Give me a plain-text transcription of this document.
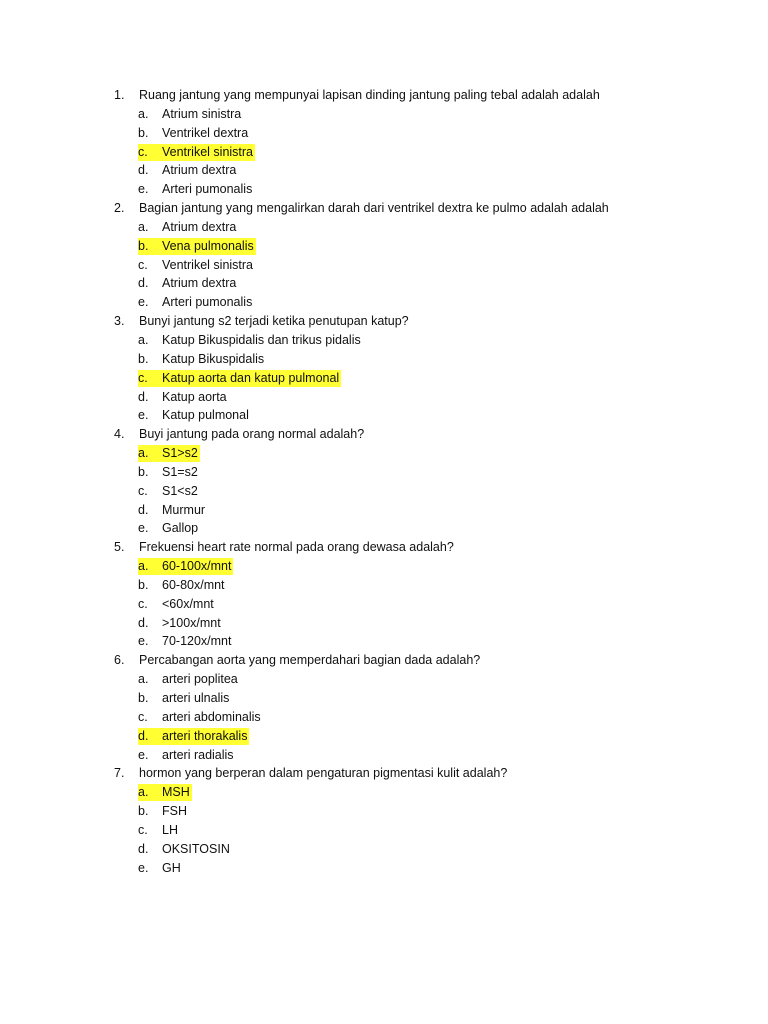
1. Ruang jantung yang mempunyai lapisan dinding jantung paling tebal adalah adalah
a. Atrium sinistra
b. Ventrikel dextra
c. Ventrikel sinistra
d. Atrium dextra
e. Arteri pumonalis
2. Bagian jantung yang mengalirkan darah dari ventrikel dextra ke pulmo adalah adalah
a. Atrium dextra
b. Vena pulmonalis
c. Ventrikel sinistra
d. Atrium dextra
e. Arteri pumonalis
3. Bunyi jantung s2 terjadi ketika penutupan katup?
a. Katup Bikuspidalis dan trikus pidalis
b. Katup Bikuspidalis
c. Katup aorta dan katup pulmonal
d. Katup aorta
e. Katup pulmonal
4. Buyi jantung pada orang normal adalah?
a. S1>s2
b. S1=s2
c. S1<s2
d. Murmur
e. Gallop
5. Frekuensi heart rate normal pada orang dewasa adalah?
a. 60-100x/mnt
b. 60-80x/mnt
c. <60x/mnt
d. >100x/mnt
e. 70-120x/mnt
6. Percabangan aorta yang memperdahari bagian dada adalah?
a. arteri poplitea
b. arteri ulnalis
c. arteri abdominalis
d. arteri thorakalis
e. arteri radialis
7. hormon yang berperan dalam pengaturan pigmentasi kulit adalah?
a. MSH
b. FSH
c. LH
d. OKSITOSIN
e. GH
